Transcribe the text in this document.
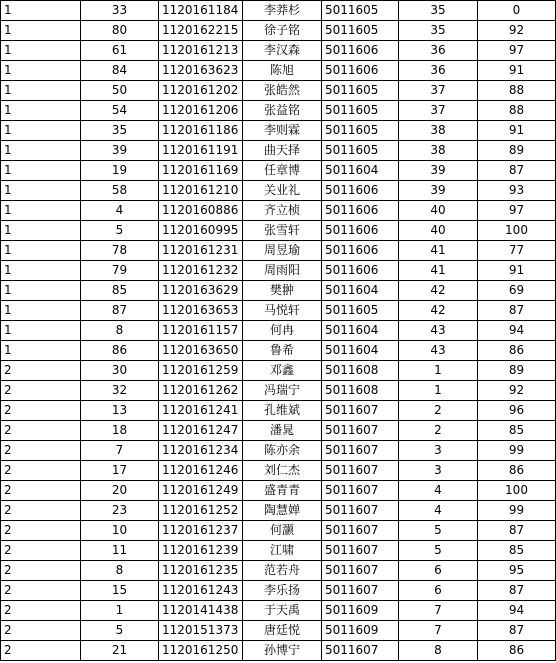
1	33	1120161184	李莽杉	5011605	35	0
1	80	1120162215	徐子铭	5011605	35	92
1	61	1120161213	李汉森	5011606	36	97
1	84	1120163623	陈旭	5011606	36	91
1	50	1120161202	张皓然	5011605	37	88
1	54	1120161206	张益铭	5011605	37	88
1	35	1120161186	李则霖	5011605	38	91
1	39	1120161191	曲天择	5011605	38	89
1	19	1120161169	任章博	5011604	39	87
1	58	1120161210	关业礼	5011606	39	93
1	4	1120160886	齐立桢	5011606	40	97
1	5	1120160995	张雪轩	5011606	40	100
1	78	1120161231	周昱瑜	5011606	41	77
1	79	1120161232	周雨阳	5011606	41	91
1	85	1120163629	樊翀	5011604	42	69
1	87	1120163653	马悦轩	5011605	42	87
1	8	1120161157	何冉	5011604	43	94
1	86	1120163650	鲁希	5011604	43	86
2	30	1120161259	邓鑫	5011608	1	89
2	32	1120161262	冯瑞宁	5011608	1	92
2	13	1120161241	孔维斌	5011607	2	96
2	18	1120161247	潘晁	5011607	2	85
2	7	1120161234	陈亦余	5011607	3	99
2	17	1120161246	刘仁杰	5011607	3	86
2	20	1120161249	盛青青	5011607	4	100
2	23	1120161252	陶慧婵	5011607	4	99
2	10	1120161237	何灏	5011607	5	87
2	11	1120161239	江啸	5011607	5	85
2	8	1120161235	范若舟	5011607	6	95
2	15	1120161243	李乐扬	5011607	6	87
2	1	1120141438	于天禹	5011609	7	94
2	5	1120151373	唐廷悦	5011609	7	87
2	21	1120161250	孙博宁	5011607	8	86
